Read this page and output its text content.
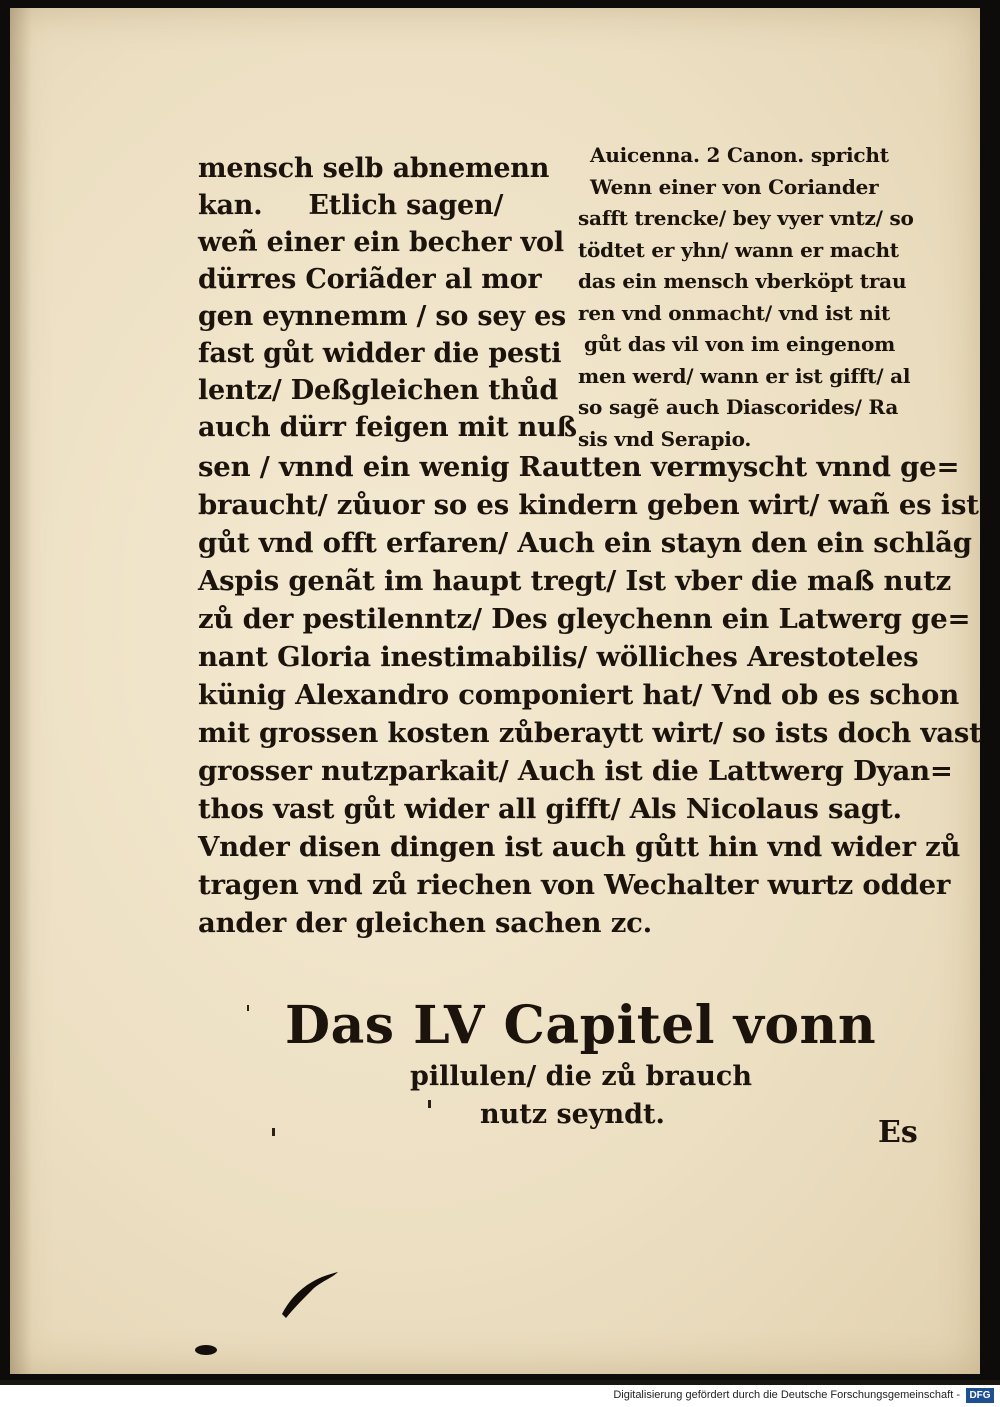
mensch selb abnemenn
kan.     Etlich sagen/
weñ einer ein becher vol
dürres Coriãder al mor
gen eynnemm / so sey es
fast gůt widder die pesti
lentz/ Deßgleichen thůd
auch dürr feigen mit nuß
Auicenna. 2 Canon. spricht
Wenn einer von Coriander
safft trencke/ bey vyer vntz/ so
tödtet er yhn/ wann er macht
das ein mensch vberköpt trau
ren vnd onmacht/ vnd ist nit
gůt das vil von im eingenom
men werd/ wann er ist gifft/ al
so sagẽ auch Diascorides/ Ra
sis vnd Serapio.
sen / vnnd ein wenig Rautten vermyscht vnnd ge=
braucht/ zůuor so es kindern geben wirt/ wañ es ist
gůt vnd offt erfaren/ Auch ein stayn den ein schlãg
Aspis genãt im haupt tregt/ Ist vber die maß nutz
zů der pestilenntz/ Des gleychenn ein Latwerg ge=
nant Gloria inestimabilis/ wölliches Arestoteles
künig Alexandro componiert hat/ Vnd ob es schon
mit grossen kosten zůberaytt wirt/ so ists doch vast
grosser nutzparkait/ Auch ist die Lattwerg Dyan=
thos vast gůt wider all gifft/ Als Nicolaus sagt.
Vnder disen dingen ist auch gůtt hin vnd wider zů
tragen vnd zů riechen von Wechalter wurtz odder
ander der gleichen sachen zc.
Das LV Capitel vonn
pillulen/ die zů brauch
nutz seyndt.
Es
Digitalisierung gefördert durch die Deutsche Forschungsgemeinschaft - DFG
